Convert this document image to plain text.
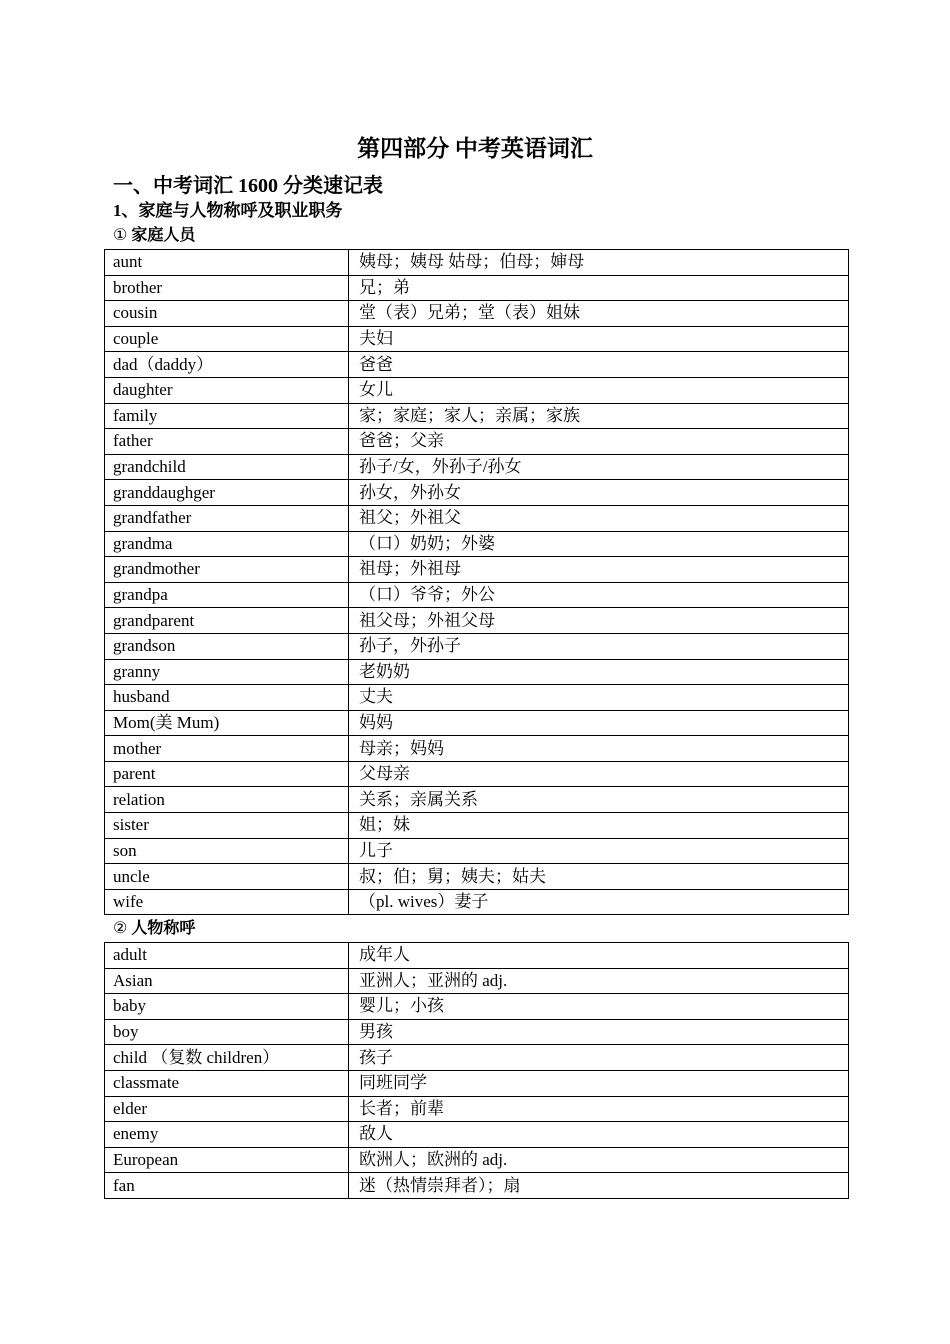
第四部分 中考英语词汇
一、中考词汇 1600 分类速记表
1、家庭与人物称呼及职业职务
① 家庭人员
aunt	姨母；姨母 姑母；伯母；婶母
brother	兄；弟
cousin	堂（表）兄弟；堂（表）姐妹
couple	夫妇
dad（daddy）	爸爸
daughter	女儿
family	家；家庭；家人；亲属；家族
father	爸爸；父亲
grandchild	孙子/女，外孙子/孙女
granddaughger	孙女，外孙女
grandfather	祖父；外祖父
grandma	（口）奶奶；外婆
grandmother	祖母；外祖母
grandpa	（口）爷爷；外公
grandparent	祖父母；外祖父母
grandson	孙子，外孙子
granny	老奶奶
husband	丈夫
Mom(美 Mum)	妈妈
mother	母亲；妈妈
parent	父母亲
relation	关系；亲属关系
sister	姐；妹
son	儿子
uncle	叔；伯；舅；姨夫；姑夫
wife	（pl. wives）妻子
② 人物称呼
adult	成年人
Asian	亚洲人；亚洲的 adj.
baby	婴儿；小孩
boy	男孩
child （复数 children）	孩子
classmate	同班同学
elder	长者；前辈
enemy	敌人
European	欧洲人；欧洲的 adj.
fan	迷（热情崇拜者）；扇
